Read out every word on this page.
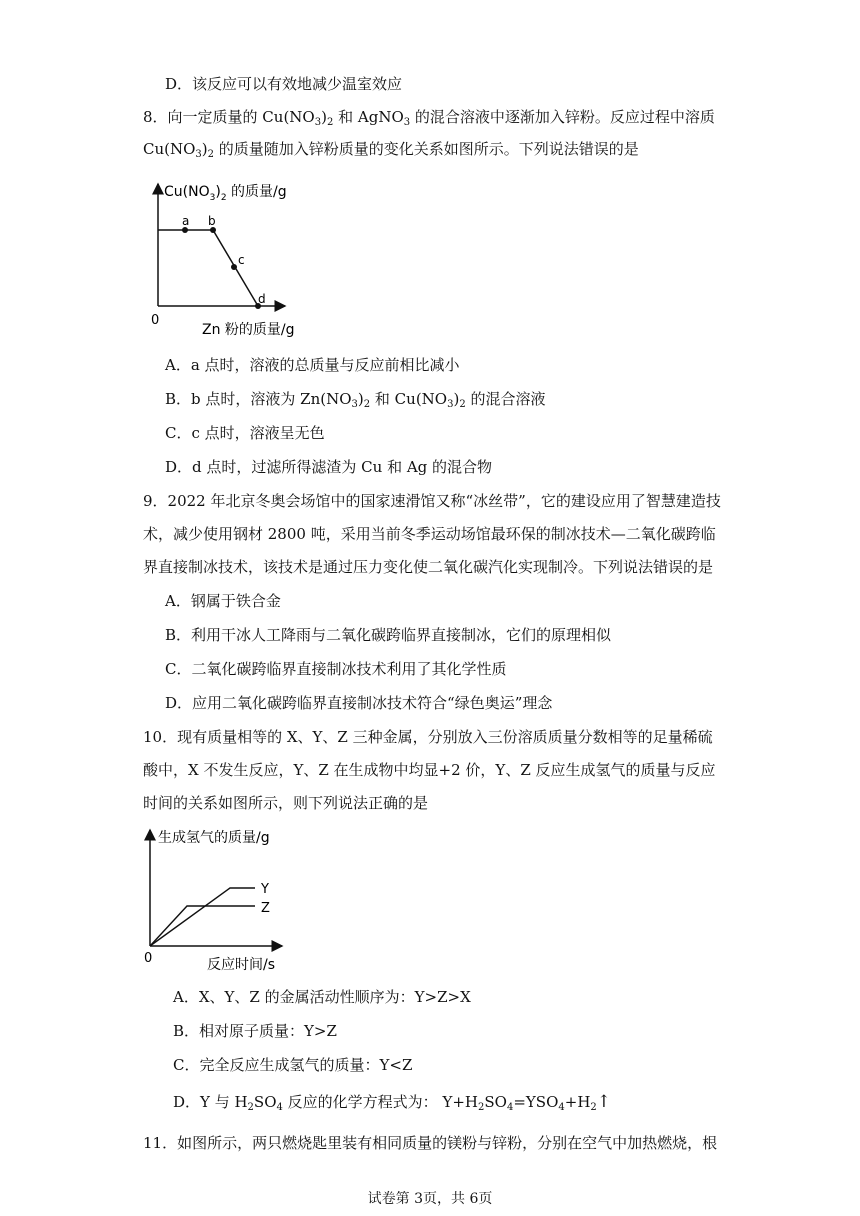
D．该反应可以有效地减少温室效应
8．向一定质量的 $Cu(NO_3)_2$ 和 AgNO$_3$ 的混合溶液中逐渐加入锌粉。反应过程中溶质
$Cu(NO_3)_2$ 的质量随加入锌粉质量的变化关系如图所示。下列说法错误的是
a b
c
d
$Cu(NO_3)_2$ 的质量/g
0
Zn 粉的质量/g
A．a 点时，溶液的总质量与反应前相比减小
B．b 点时，溶液为 $Zn(NO_3)_2$ 和 $Cu(NO_3)_2$ 的混合溶液
C．c 点时，溶液呈无色
D．d 点时，过滤所得滤渣为 Cu 和 Ag 的混合物
9．2022 年北京冬奥会场馆中的国家速滑馆又称“冰丝带”，它的建设应用了智慧建造技
术，减少使用钢材 2800 吨，采用当前冬季运动场馆最环保的制冰技术—二氧化碳跨临
界直接制冰技术，该技术是通过压力变化使二氧化碳汽化实现制冷。下列说法错误的是
A．钢属于铁合金
B．利用干冰人工降雨与二氧化碳跨临界直接制冰，它们的原理相似
C．二氧化碳跨临界直接制冰技术利用了其化学性质
D．应用二氧化碳跨临界直接制冰技术符合“绿色奥运”理念
10．现有质量相等的 X、Y、Z 三种金属，分别放入三份溶质质量分数相等的足量稀硫
酸中，X 不发生反应，Y、Z 在生成物中均显+2 价，Y、Z 反应生成氢气的质量与反应
时间的关系如图所示，则下列说法正确的是
生成氢气的质量/g
Y
Z
0	反应时间/s
A．X、Y、Z 的金属活动性顺序为：Y>Z>X
B．相对原子质量：Y>Z
C．完全反应生成氢气的质量：Y<Z
D．Y 与 $H_2SO_4$ 反应的化学方程式为： $Y+H_2SO_4=YSO_4+H_2↑$
11．如图所示，两只燃烧匙里装有相同质量的镁粉与锌粉，分别在空气中加热燃烧，根
试卷第 3页，共 6页
